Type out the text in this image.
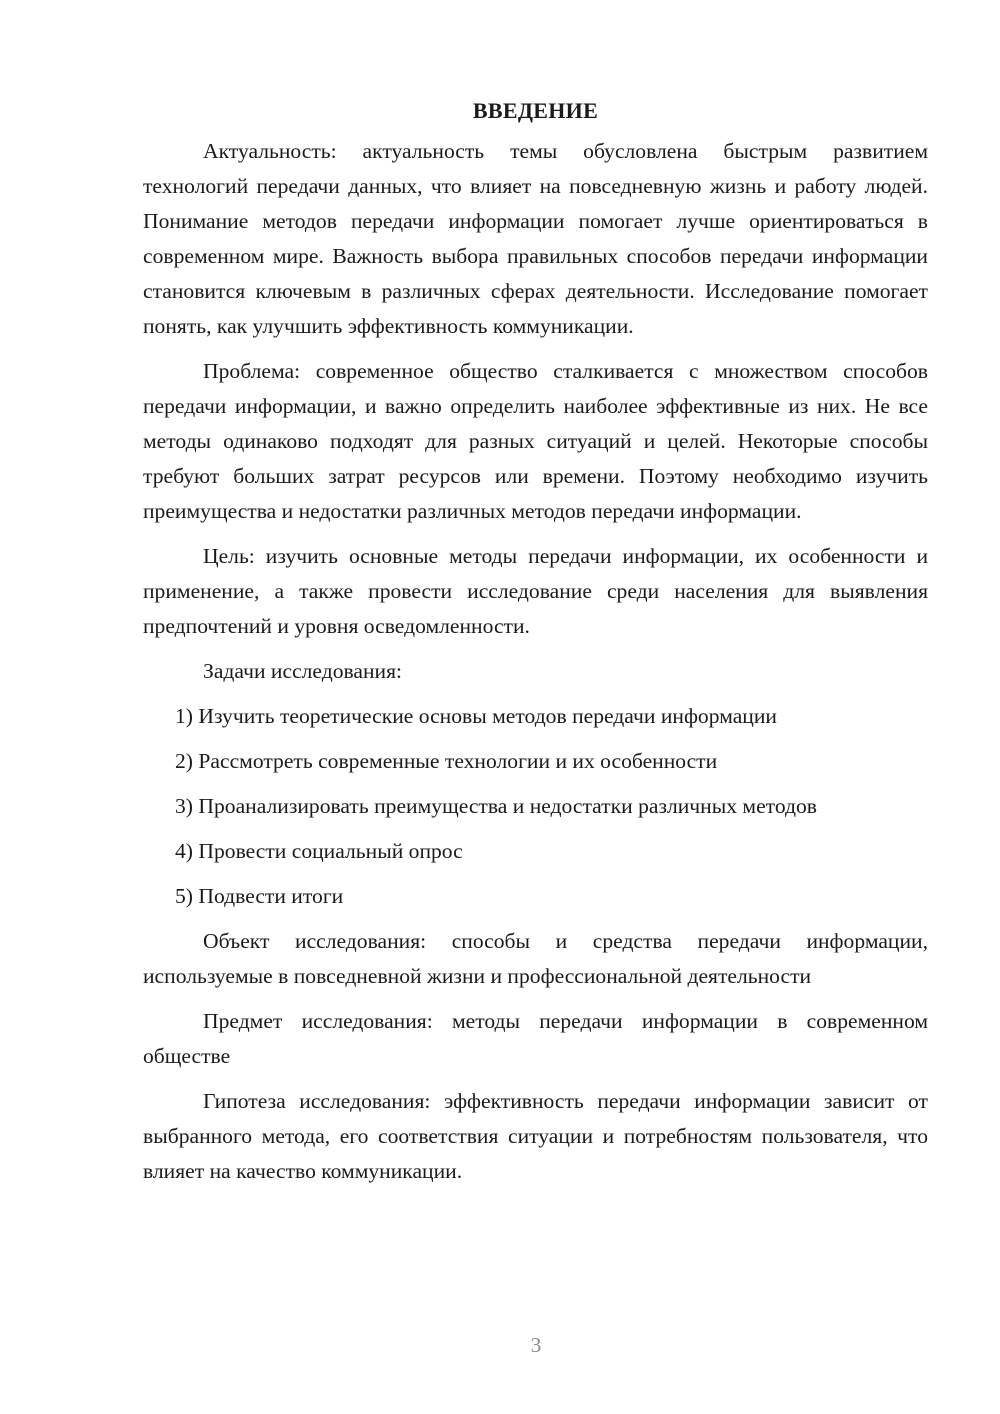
ВВЕДЕНИЕ

Актуальность: актуальность темы обусловлена быстрым развитием технологий передачи данных, что влияет на повседневную жизнь и работу людей. Понимание методов передачи информации помогает лучше ориентироваться в современном мире. Важность выбора правильных способов передачи информации становится ключевым в различных сферах деятельности. Исследование помогает понять, как улучшить эффективность коммуникации.

Проблема: современное общество сталкивается с множеством способов передачи информации, и важно определить наиболее эффективные из них. Не все методы одинаково подходят для разных ситуаций и целей. Некоторые способы требуют больших затрат ресурсов или времени. Поэтому необходимо изучить преимущества и недостатки различных методов передачи информации.

Цель: изучить основные методы передачи информации, их особенности и применение, а также провести исследование среди населения для выявления предпочтений и уровня осведомленности.

Задачи исследования:

1) Изучить теоретические основы методов передачи информации
2) Рассмотреть современные технологии и их особенности
3) Проанализировать преимущества и недостатки различных методов
4) Провести социальный опрос
5) Подвести итоги

Объект исследования: способы и средства передачи информации, используемые в повседневной жизни и профессиональной деятельности

Предмет исследования: методы передачи информации в современном обществе

Гипотеза исследования: эффективность передачи информации зависит от выбранного метода, его соответствия ситуации и потребностям пользователя, что влияет на качество коммуникации.

3
